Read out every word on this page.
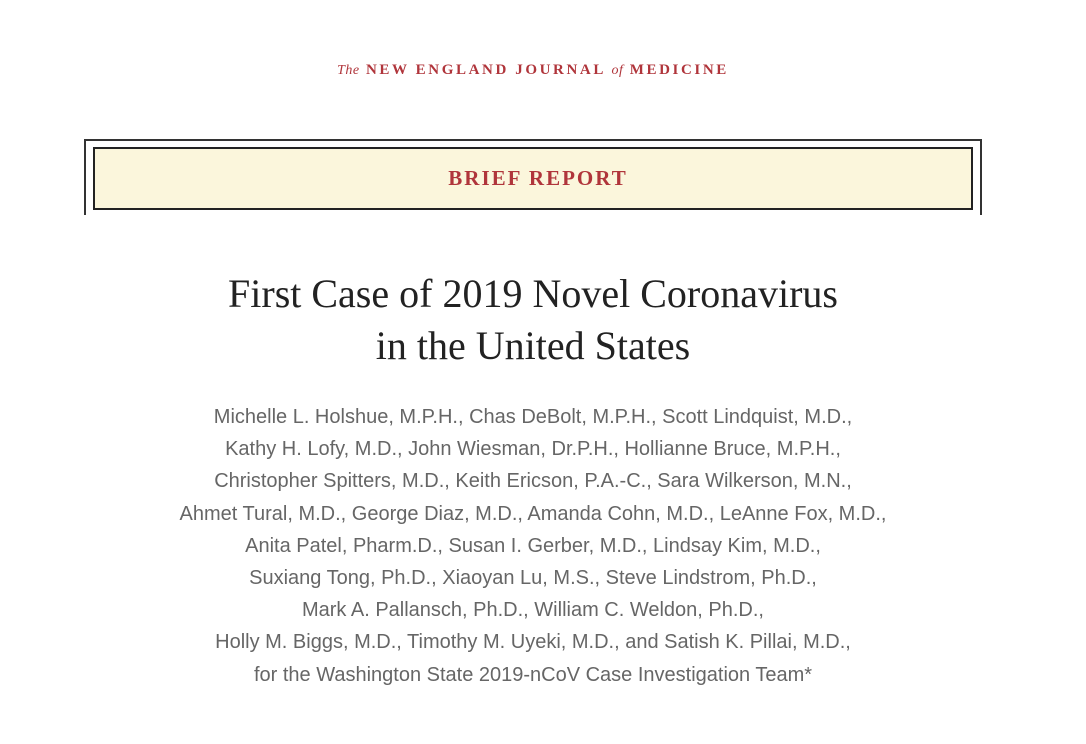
The NEW ENGLAND JOURNAL of MEDICINE
BRIEF REPORT
First Case of 2019 Novel Coronavirus
in the United States
Michelle L. Holshue, M.P.H., Chas DeBolt, M.P.H., Scott Lindquist, M.D.,
Kathy H. Lofy, M.D., John Wiesman, Dr.P.H., Hollianne Bruce, M.P.H.,
Christopher Spitters, M.D., Keith Ericson, P.A.-C., Sara Wilkerson, M.N.,
Ahmet Tural, M.D., George Diaz, M.D., Amanda Cohn, M.D., LeAnne Fox, M.D.,
Anita Patel, Pharm.D., Susan I. Gerber, M.D., Lindsay Kim, M.D.,
Suxiang Tong, Ph.D., Xiaoyan Lu, M.S., Steve Lindstrom, Ph.D.,
Mark A. Pallansch, Ph.D., William C. Weldon, Ph.D.,
Holly M. Biggs, M.D., Timothy M. Uyeki, M.D., and Satish K. Pillai, M.D.,
for the Washington State 2019-nCoV Case Investigation Team*
